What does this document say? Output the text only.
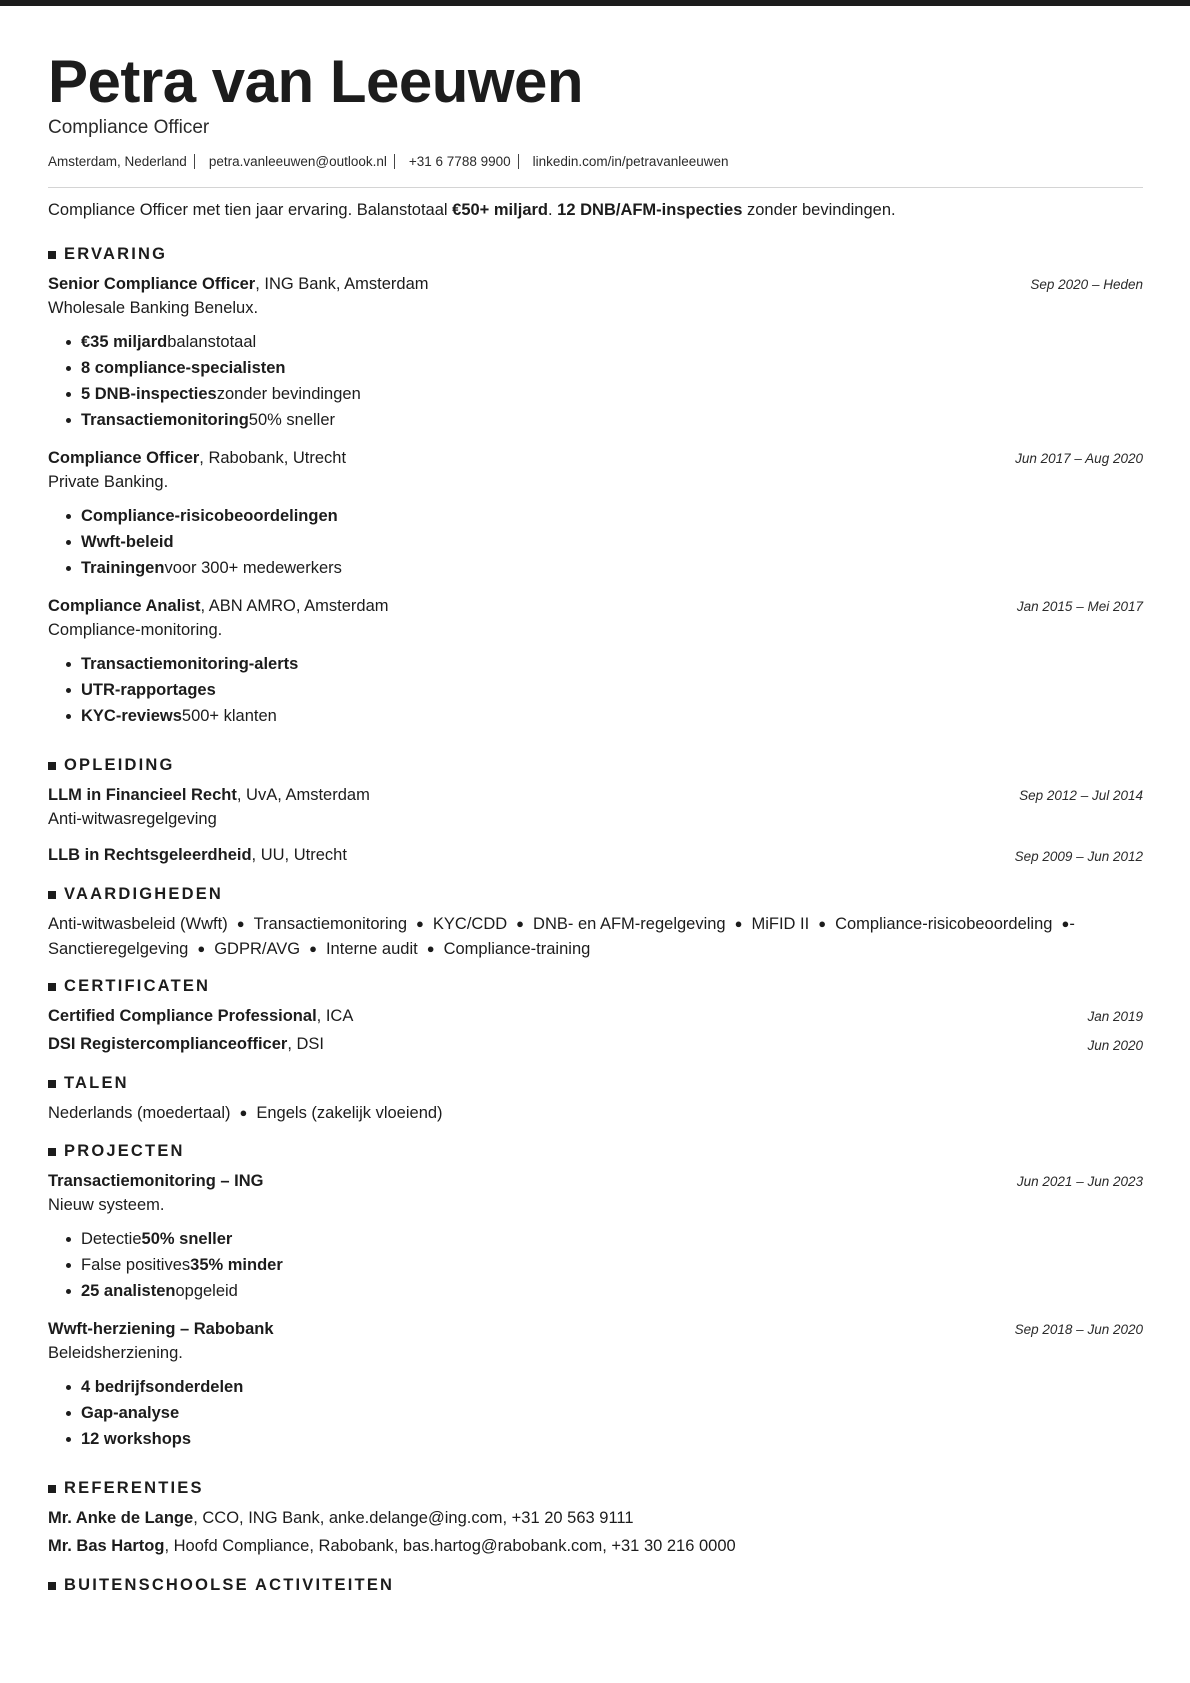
Petra van Leeuwen
Compliance Officer
Amsterdam, Nederland petra.vanleeuwen@outlook.nl +31 6 7788 9900 linkedin.com/in/petravanleeuwen
Compliance Officer met tien jaar ervaring. Balanstotaal €50+ miljard. 12 DNB/AFM-inspecties zonder bevindingen.
ERVARING
Senior Compliance Officer, ING Bank, Amsterdam	Sep 2020 – Heden
Wholesale Banking Benelux.
€35 miljard balanstotaal
8 compliance-specialisten
5 DNB-inspecties zonder bevindingen
Transactiemonitoring 50% sneller
Compliance Officer, Rabobank, Utrecht	Jun 2017 – Aug 2020
Private Banking.
Compliance-risicobeoordelingen
Wwft-beleid
Trainingen voor 300+ medewerkers
Compliance Analist, ABN AMRO, Amsterdam	Jan 2015 – Mei 2017
Compliance-monitoring.
Transactiemonitoring-alerts
UTR-rapportages
KYC-reviews 500+ klanten
OPLEIDING
LLM in Financieel Recht, UvA, Amsterdam	Sep 2012 – Jul 2014
Anti-witwasregelgeving
LLB in Rechtsgeleerdheid, UU, Utrecht	Sep 2009 – Jun 2012
VAARDIGHEDEN
Anti-witwasbeleid (Wwft) ● Transactiemonitoring ● KYC/CDD ● DNB- en AFM-regelgeving ● MiFID II ● Compliance-risicobeoordeling ●-
Sanctieregelgeving ● GDPR/AVG ● Interne audit ● Compliance-training
CERTIFICATEN
Certified Compliance Professional, ICA	Jan 2019
DSI Registercomplianceofficer, DSI	Jun 2020
TALEN
Nederlands (moedertaal) ● Engels (zakelijk vloeiend)
PROJECTEN
Transactiemonitoring – ING	Jun 2021 – Jun 2023
Nieuw systeem.
Detectie 50% sneller
False positives 35% minder
25 analisten opgeleid
Wwft-herziening – Rabobank	Sep 2018 – Jun 2020
Beleidsherziening.
4 bedrijfsonderdelen
Gap-analyse
12 workshops
REFERENTIES
Mr. Anke de Lange, CCO, ING Bank, anke.delange@ing.com, +31 20 563 9111
Mr. Bas Hartog, Hoofd Compliance, Rabobank, bas.hartog@rabobank.com, +31 30 216 0000
BUITENSCHOOLSE ACTIVITEITEN
